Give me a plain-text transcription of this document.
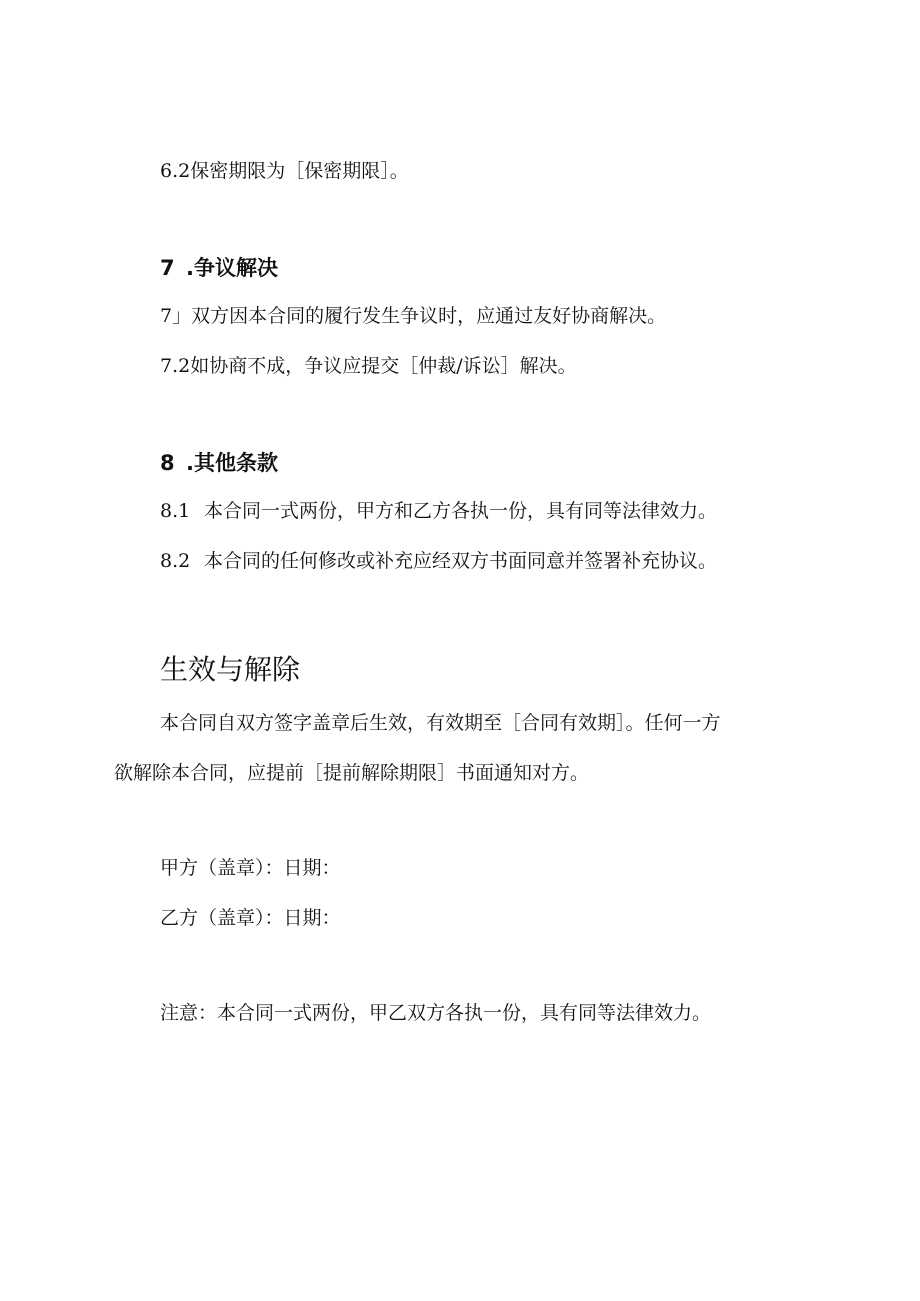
6.2保密期限为［保密期限］。
7 .争议解决
7」双方因本合同的履行发生争议时，应通过友好协商解决。
7.2如协商不成，争议应提交［仲裁/诉讼］解决。
8 .其他条款
8.1 本合同一式两份，甲方和乙方各执一份，具有同等法律效力。
8.2 本合同的任何修改或补充应经双方书面同意并签署补充协议。
生效与解除
本合同自双方签字盖章后生效，有效期至［合同有效期］。任何一方
欲解除本合同，应提前［提前解除期限］书面通知对方。
甲方（盖章）：日期：
乙方（盖章）：日期：
注意：本合同一式两份，甲乙双方各执一份，具有同等法律效力。
